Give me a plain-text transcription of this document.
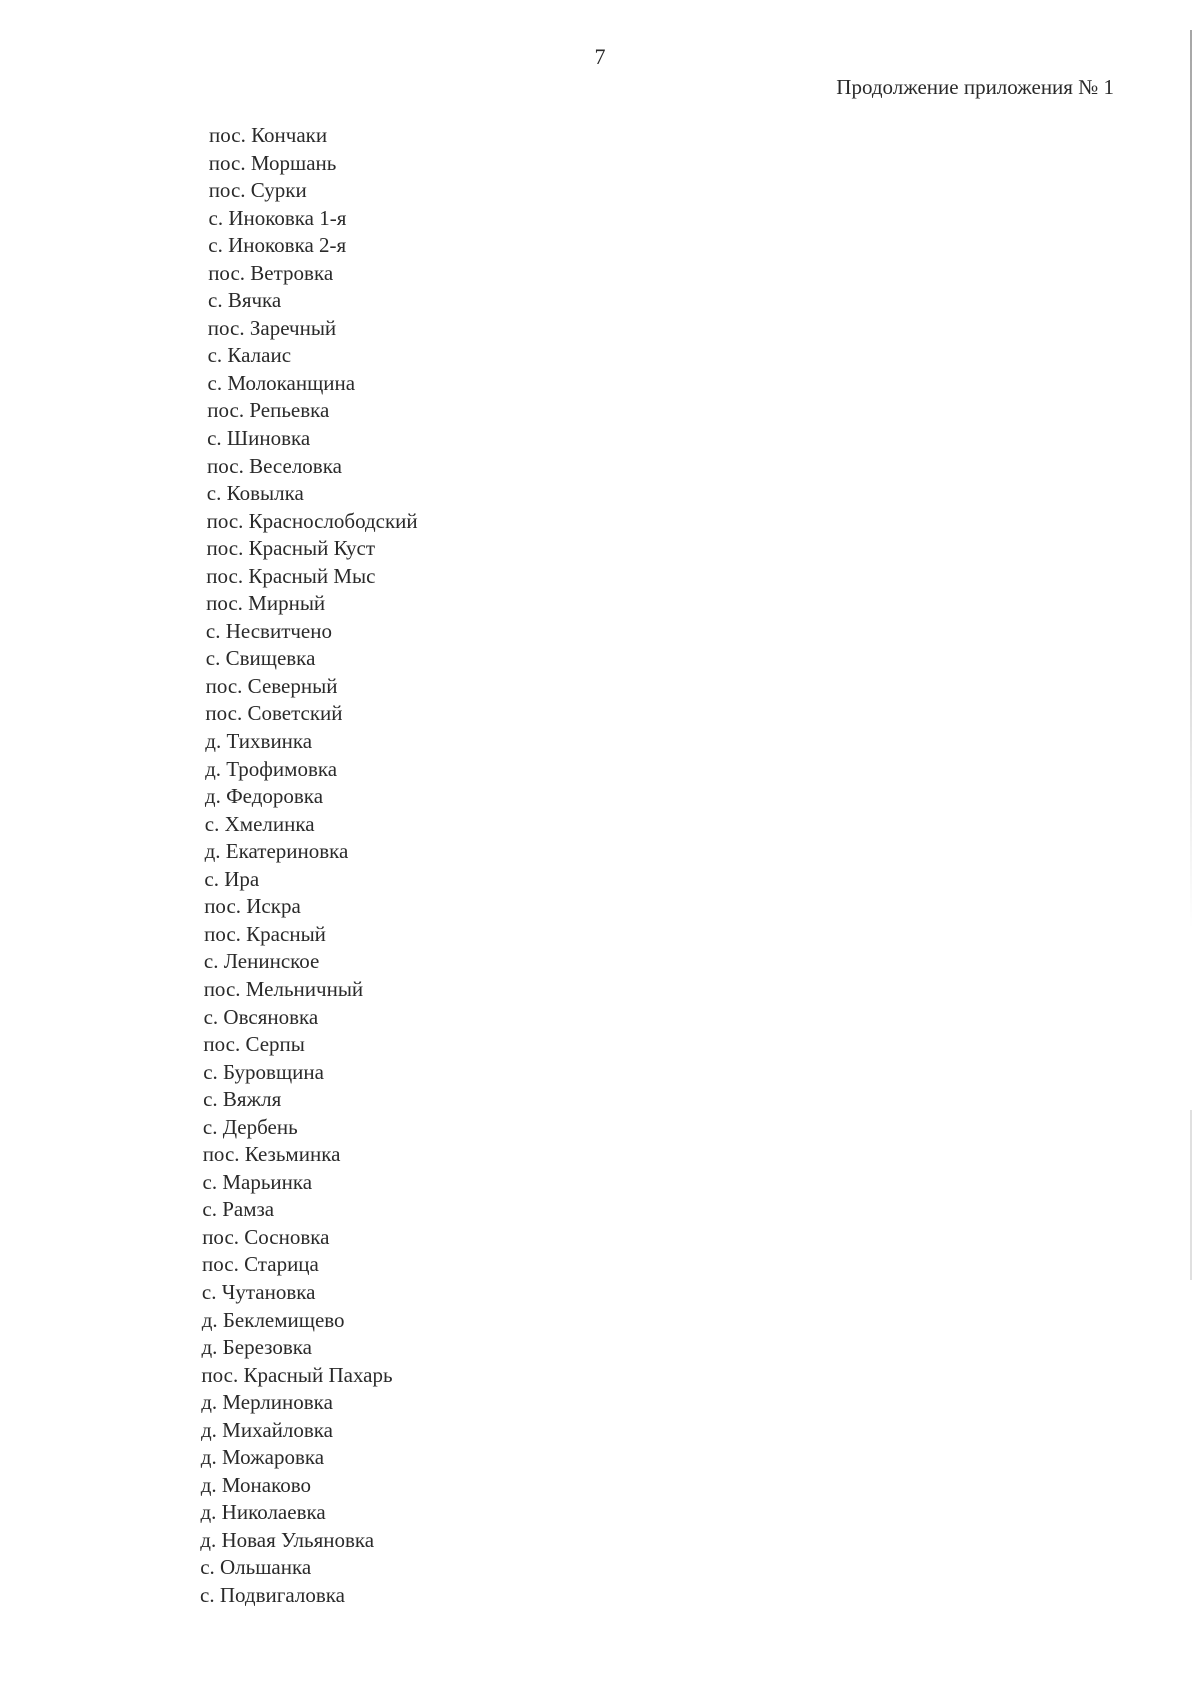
7
Продолжение приложения № 1
пос. Кончаки
пос. Моршань
пос. Сурки
с. Иноковка 1-я
с. Иноковка 2-я
пос. Ветровка
с. Вячка
пос. Заречный
с. Калаис
с. Молоканщина
пос. Репьевка
с. Шиновка
пос. Веселовка
с. Ковылка
пос. Краснослободский
пос. Красный Куст
пос. Красный Мыс
пос. Мирный
с. Несвитчено
с. Свищевка
пос. Северный
пос. Советский
д. Тихвинка
д. Трофимовка
д. Федоровка
с. Хмелинка
д. Екатериновка
с. Ира
пос. Искра
пос. Красный
с. Ленинское
пос. Мельничный
с. Овсяновка
пос. Серпы
с. Буровщина
с. Вяжля
с. Дербень
пос. Кезьминка
с. Марьинка
с. Рамза
пос. Сосновка
пос. Старица
с. Чутановка
д. Беклемищево
д. Березовка
пос. Красный Пахарь
д. Мерлиновка
д. Михайловка
д. Можаровка
д. Монаково
д. Николаевка
д. Новая Ульяновка
с. Ольшанка
с. Подвигаловка
